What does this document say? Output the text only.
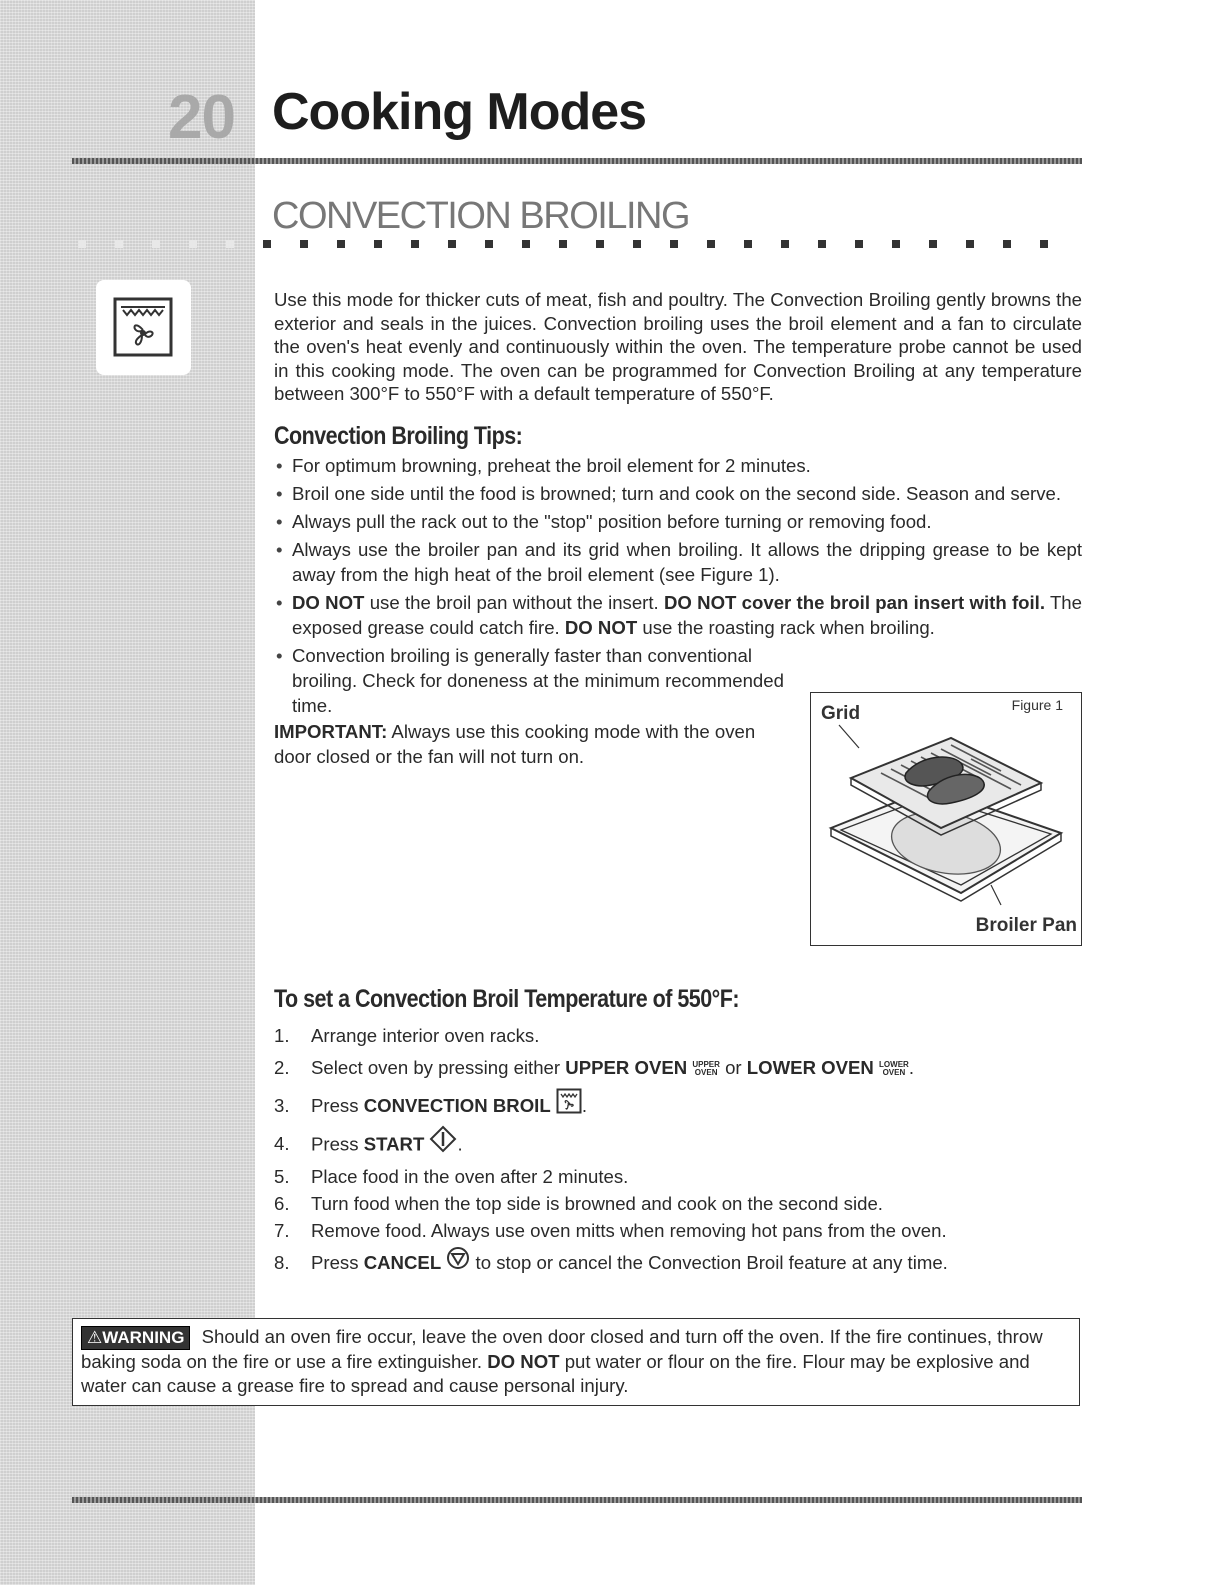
20 Cooking Modes
CONVECTION BROILING
Use this mode for thicker cuts of meat, fish and poultry. The Convection Broiling gently browns the exterior and seals in the juices. Convection broiling uses the broil element and a fan to circulate the oven's heat evenly and continuously within the oven. The temperature probe cannot be used in this cooking mode. The oven can be programmed for Convection Broiling at any temperature between 300°F to 550°F with a default temperature of 550°F.
Convection Broiling Tips:
• For optimum browning, preheat the broil element for 2 minutes.
• Broil one side until the food is browned; turn and cook on the second side. Season and serve.
• Always pull the rack out to the "stop" position before turning or removing food.
• Always use the broiler pan and its grid when broiling. It allows the dripping grease to be kept away from the high heat of the broil element (see Figure 1).
• DO NOT use the broil pan without the insert. DO NOT cover the broil pan insert with foil. The exposed grease could catch fire. DO NOT use the roasting rack when broiling.
• Convection broiling is generally faster than conventional broiling. Check for doneness at the minimum recommended time.
IMPORTANT: Always use this cooking mode with the oven door closed or the fan will not turn on.
Figure 1
Grid
Broiler Pan
To set a Convection Broil Temperature of 550°F:
1. Arrange interior oven racks.
2. Select oven by pressing either UPPER OVEN UPPER
OVEN or LOWER OVEN LOWER
OVEN .
3. Press CONVECTION BROIL .
4. Press START .
5. Place food in the oven after 2 minutes.
6. Turn food when the top side is browned and cook on the second side.
7. Remove food. Always use oven mitts when removing hot pans from the oven.
8. Press CANCEL  to stop or cancel the Convection Broil feature at any time.
⚠WARNING Should an oven fire occur, leave the oven door closed and turn off the oven. If the fire continues, throw baking soda on the fire or use a fire extinguisher. DO NOT put water or flour on the fire. Flour may be explosive and water can cause a grease fire to spread and cause personal injury.
